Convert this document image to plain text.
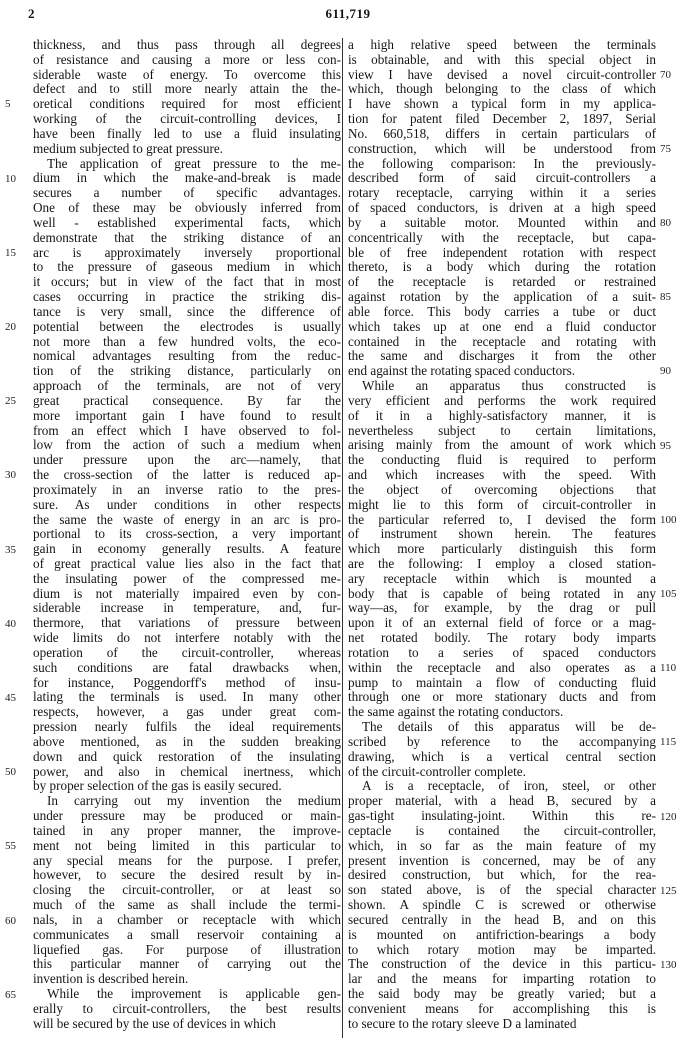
2	611,719
thickness, and thus pass through all degrees
of resistance and causing a more or less con-
siderable waste of energy. To overcome this
defect and to still more nearly attain the the-
oretical conditions required for most efficient
working of the circuit-controlling devices, I
have been finally led to use a fluid insulating
medium subjected to great pressure.
The application of great pressure to the me-
dium in which the make-and-break is made
secures a number of specific advantages.
One of these may be obviously inferred from
well - established experimental facts, which
demonstrate that the striking distance of an
arc is approximately inversely proportional
to the pressure of gaseous medium in which
it occurs; but in view of the fact that in most
cases occurring in practice the striking dis-
tance is very small, since the difference of
potential between the electrodes is usually
not more than a few hundred volts, the eco-
nomical advantages resulting from the reduc-
tion of the striking distance, particularly on
approach of the terminals, are not of very
great practical consequence. By far the
more important gain I have found to result
from an effect which I have observed to fol-
low from the action of such a medium when
under pressure upon the arc—namely, that
the cross-section of the latter is reduced ap-
proximately in an inverse ratio to the pres-
sure. As under conditions in other respects
the same the waste of energy in an arc is pro-
portional to its cross-section, a very important
gain in economy generally results. A feature
of great practical value lies also in the fact that
the insulating power of the compressed me-
dium is not materially impaired even by con-
siderable increase in temperature, and, fur-
thermore, that variations of pressure between
wide limits do not interfere notably with the
operation of the circuit-controller, whereas
such conditions are fatal drawbacks when,
for instance, Poggendorff's method of insu-
lating the terminals is used. In many other
respects, however, a gas under great com-
pression nearly fulfils the ideal requirements
above mentioned, as in the sudden breaking
down and quick restoration of the insulating
power, and also in chemical inertness, which
by proper selection of the gas is easily secured.
In carrying out my invention the medium
under pressure may be produced or main-
tained in any proper manner, the improve-
ment not being limited in this particular to
any special means for the purpose. I prefer,
however, to secure the desired result by in-
closing the circuit-controller, or at least so
much of the same as shall include the termi-
nals, in a chamber or receptacle with which
communicates a small reservoir containing a
liquefied gas. For purpose of illustration
this particular manner of carrying out the
invention is described herein.
While the improvement is applicable gen-
erally to circuit-controllers, the best results
will be secured by the use of devices in which
a high relative speed between the terminals
is obtainable, and with this special object in
view I have devised a novel circuit-controller
which, though belonging to the class of which
I have shown a typical form in my applica-
tion for patent filed December 2, 1897, Serial
No. 660,518, differs in certain particulars of
construction, which will be understood from
the following comparison: In the previously-
described form of said circuit-controllers a
rotary receptacle, carrying within it a series
of spaced conductors, is driven at a high speed
by a suitable motor. Mounted within and
concentrically with the receptacle, but capa-
ble of free independent rotation with respect
thereto, is a body which during the rotation
of the receptacle is retarded or restrained
against rotation by the application of a suit-
able force. This body carries a tube or duct
which takes up at one end a fluid conductor
contained in the receptacle and rotating with
the same and discharges it from the other
end against the rotating spaced conductors.
While an apparatus thus constructed is
very efficient and performs the work required
of it in a highly-satisfactory manner, it is
nevertheless subject to certain limitations,
arising mainly from the amount of work which
the conducting fluid is required to perform
and which increases with the speed. With
the object of overcoming objections that
might lie to this form of circuit-controller in
the particular referred to, I devised the form
of instrument shown herein. The features
which more particularly distinguish this form
are the following: I employ a closed station-
ary receptacle within which is mounted a
body that is capable of being rotated in any
way—as, for example, by the drag or pull
upon it of an external field of force or a mag-
net rotated bodily. The rotary body imparts
rotation to a series of spaced conductors
within the receptacle and also operates as a
pump to maintain a flow of conducting fluid
through one or more stationary ducts and from
the same against the rotating conductors.
The details of this apparatus will be de-
scribed by reference to the accompanying
drawing, which is a vertical central section
of the circuit-controller complete.
A is a receptacle, of iron, steel, or other
proper material, with a head B, secured by a
gas-tight insulating-joint. Within this re-
ceptacle is contained the circuit-controller,
which, in so far as the main feature of my
present invention is concerned, may be of any
desired construction, but which, for the rea-
son stated above, is of the special character
shown. A spindle C is screwed or otherwise
secured centrally in the head B, and on this
is mounted on antifriction-bearings a body
to which rotary motion may be imparted.
The construction of the device in this particu-
lar and the means for imparting rotation to
the said body may be greatly varied; but a
convenient means for accomplishing this is
to secure to the rotary sleeve D a laminated
5
10
15
20
25
30
35
40
45
50
55
60
65
70
75
80
85
90
95
100
105
110
115
120
125
130
